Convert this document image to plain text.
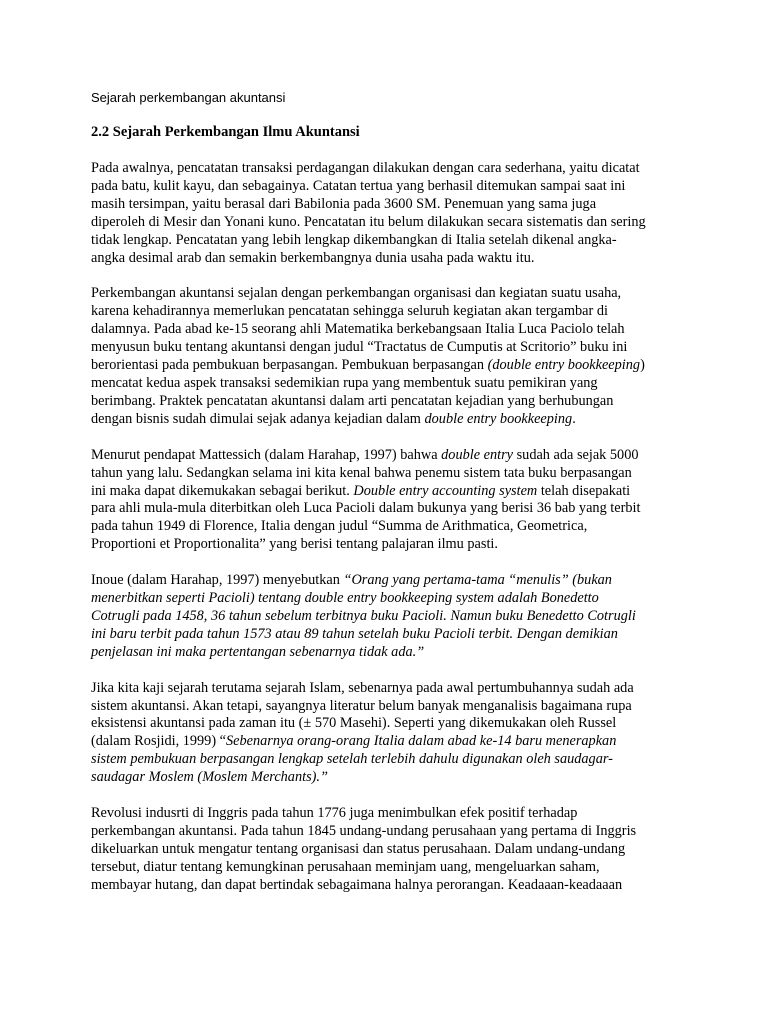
Sejarah perkembangan akuntansi
2.2 Sejarah Perkembangan Ilmu Akuntansi
Pada awalnya, pencatatan transaksi perdagangan dilakukan dengan cara sederhana, yaitu dicatat
pada batu, kulit kayu, dan sebagainya. Catatan tertua yang berhasil ditemukan sampai saat ini
masih tersimpan, yaitu berasal dari Babilonia pada 3600 SM. Penemuan yang sama juga
diperoleh di Mesir dan Yonani kuno. Pencatatan itu belum dilakukan secara sistematis dan sering
tidak lengkap. Pencatatan yang lebih lengkap dikembangkan di Italia setelah dikenal angka-
angka desimal arab dan semakin berkembangnya dunia usaha pada waktu itu.
Perkembangan akuntansi sejalan dengan perkembangan organisasi dan kegiatan suatu usaha,
karena kehadirannya memerlukan pencatatan sehingga seluruh kegiatan akan tergambar di
dalamnya. Pada abad ke-15 seorang ahli Matematika berkebangsaan Italia Luca Paciolo telah
menyusun buku tentang akuntansi dengan judul “Tractatus de Cumputis at Scritorio” buku ini
berorientasi pada pembukuan berpasangan. Pembukuan berpasangan (double entry bookkeeping)
mencatat kedua aspek transaksi sedemikian rupa yang membentuk suatu pemikiran yang
berimbang. Praktek pencatatan akuntansi dalam arti pencatatan kejadian yang berhubungan
dengan bisnis sudah dimulai sejak adanya kejadian dalam double entry bookkeeping.
Menurut pendapat Mattessich (dalam Harahap, 1997) bahwa double entry sudah ada sejak 5000
tahun yang lalu. Sedangkan selama ini kita kenal bahwa penemu sistem tata buku berpasangan
ini maka dapat dikemukakan sebagai berikut. Double entry accounting system telah disepakati
para ahli mula-mula diterbitkan oleh Luca Pacioli dalam bukunya yang berisi 36 bab yang terbit
pada tahun 1949 di Florence, Italia dengan judul “Summa de Arithmatica, Geometrica,
Proportioni et Proportionalita” yang berisi tentang palajaran ilmu pasti.
Inoue (dalam Harahap, 1997) menyebutkan “Orang yang pertama-tama “menulis” (bukan
menerbitkan seperti Pacioli) tentang double entry bookkeeping system adalah Bonedetto
Cotrugli pada 1458, 36 tahun sebelum terbitnya buku Pacioli. Namun buku Benedetto Cotrugli
ini baru terbit pada tahun 1573 atau 89 tahun setelah buku Pacioli terbit. Dengan demikian
penjelasan ini maka pertentangan sebenarnya tidak ada.”
Jika kita kaji sejarah terutama sejarah Islam, sebenarnya pada awal pertumbuhannya sudah ada
sistem akuntansi. Akan tetapi, sayangnya literatur belum banyak menganalisis bagaimana rupa
eksistensi akuntansi pada zaman itu (± 570 Masehi). Seperti yang dikemukakan oleh Russel
(dalam Rosjidi, 1999) “Sebenarnya orang-orang Italia dalam abad ke-14 baru menerapkan
sistem pembukuan berpasangan lengkap setelah terlebih dahulu digunakan oleh saudagar-
saudagar Moslem (Moslem Merchants).”
Revolusi indusrti di Inggris pada tahun 1776 juga menimbulkan efek positif terhadap
perkembangan akuntansi. Pada tahun 1845 undang-undang perusahaan yang pertama di Inggris
dikeluarkan untuk mengatur tentang organisasi dan status perusahaan. Dalam undang-undang
tersebut, diatur tentang kemungkinan perusahaan meminjam uang, mengeluarkan saham,
membayar hutang, dan dapat bertindak sebagaimana halnya perorangan. Keadaaan-keadaaan
